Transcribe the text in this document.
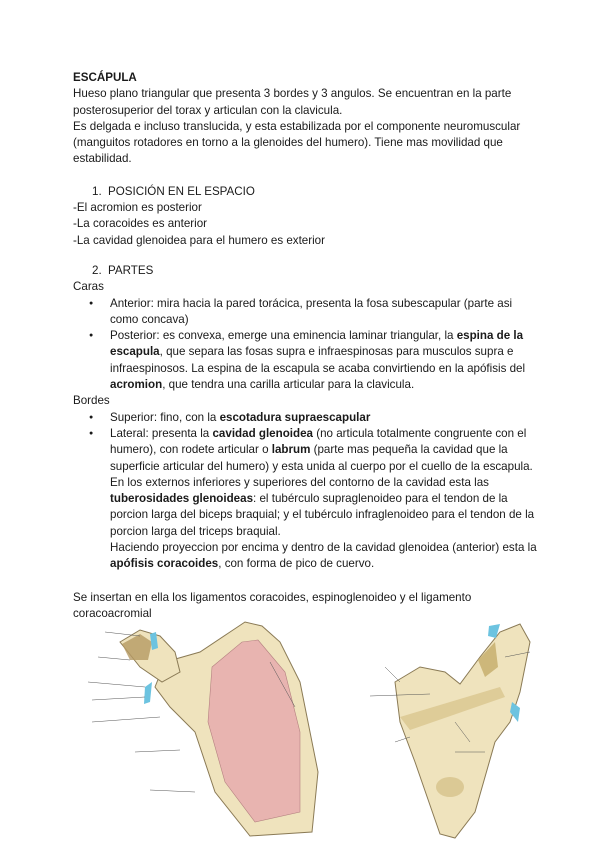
ESCÁPULA

Hueso plano triangular que presenta 3 bordes y 3 angulos. Se encuentran en la parte posterosuperior del torax y articulan con la clavicula.

Es delgada e incluso translucida, y esta estabilizada por el componente neuromuscular (manguitos rotadores en torno a la glenoides del humero). Tiene mas movilidad que estabilidad.

1. POSICIÓN EN EL ESPACIO

-El acromion es posterior

-La coracoides es anterior

-La cavidad glenoidea para el humero es exterior

2. PARTES

Caras

● Anterior: mira hacia la pared torácica, presenta la fosa subescapular (parte asi como concava)
● Posterior: es convexa, emerge una eminencia laminar triangular, la espina de la escapula, que separa las fosas supra e infraespinosas para musculos supra e infraespinosos. La espina de la escapula se acaba convirtiendo en la apófisis del acromion, que tendra una carilla articular para la clavicula.

Bordes

● Superior: fino, con la escotadura supraescapular
● Lateral: presenta la cavidad glenoidea (no articula totalmente congruente con el humero), con rodete articular o labrum (parte mas pequeña la cavidad que la superficie articular del humero) y esta unida al cuerpo por el cuello de la escapula. En los externos inferiores y superiores del contorno de la cavidad esta las tuberosidades glenoideas: el tubérculo supraglenoideo para el tendon de la porcion larga del biceps braquial; y el tubérculo infraglenoideo para el tendon de la porcion larga del triceps braquial.
Haciendo proyeccion por encima y dentro de la cavidad glenoidea (anterior) esta la apófisis coracoides, con forma de pico de cuervo.

Se insertan en ella los ligamentos coracoides, espinoglenoideo y el ligamento coracoacromial
